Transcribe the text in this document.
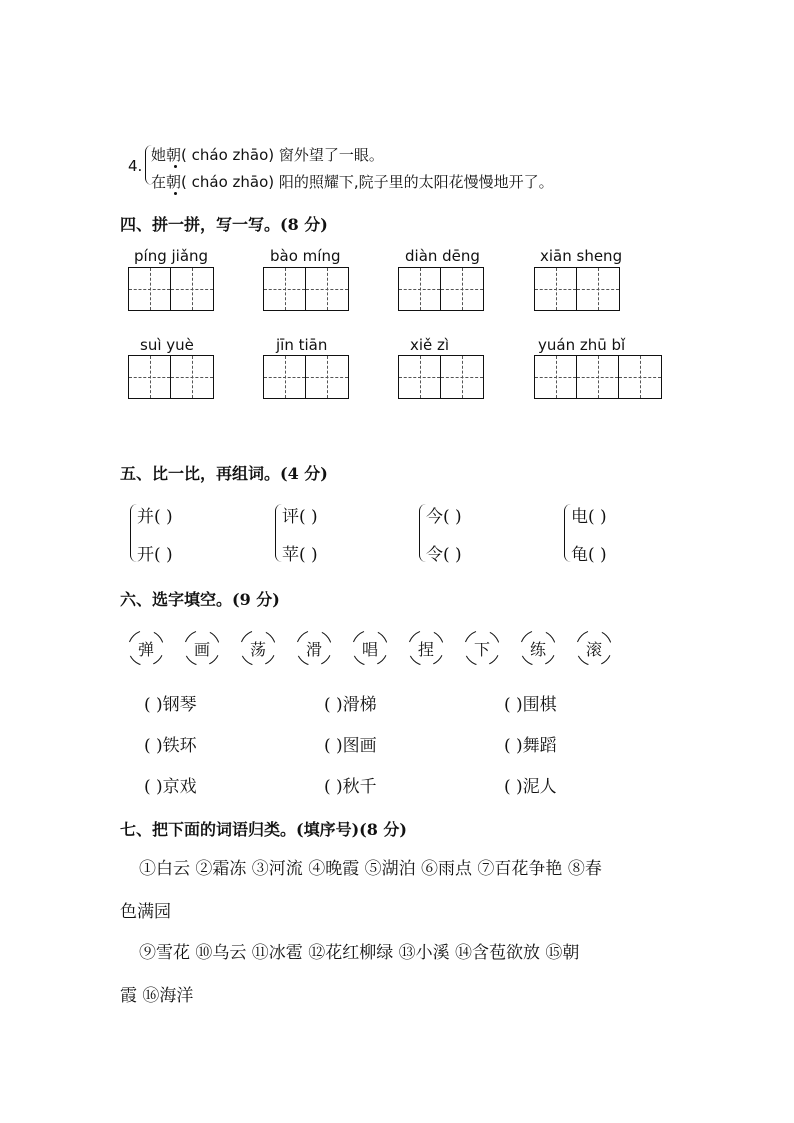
4.
她朝( cháo zhāo) 窗外望了一眼。
在朝( cháo zhāo) 阳的照耀下,院子里的太阳花慢慢地开了。
四、拼一拼，写一写。(8 分)
píng jiǎng	bào míng	diàn dēng	xiān sheng
suì yuè	jīn tiān	xiě zì	yuán zhū bǐ
五、比一比，再组词。(4 分)
并( )
开( )
评( )
苹( )
今( )
令( )
电( )
龟( )
六、选字填空。(9 分)
弹 画 荡 滑 唱 捏 下 练 滚
( )钢琴	( )滑梯	( )围棋
( )铁环	( )图画	( )舞蹈
( )京戏	( )秋千	( )泥人
七、把下面的词语归类。(填序号)(8 分)
①白云 ②霜冻 ③河流 ④晚霞 ⑤湖泊 ⑥雨点 ⑦百花争艳 ⑧春
色满园
⑨雪花 ⑩乌云 ⑪冰雹 ⑫花红柳绿 ⑬小溪 ⑭含苞欲放 ⑮朝
霞 ⑯海洋
